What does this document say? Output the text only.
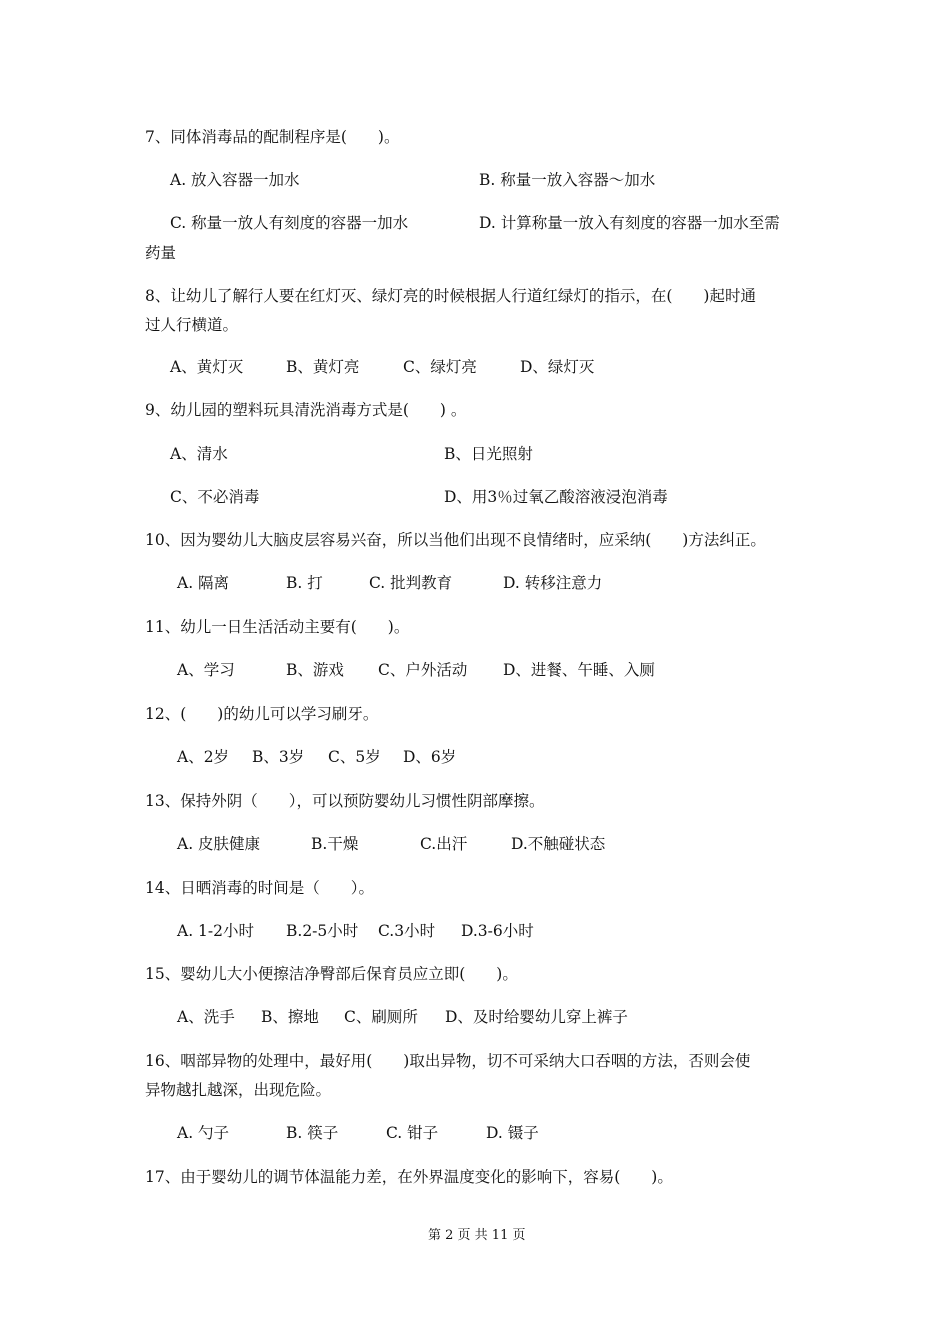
7、同体消毒品的配制程序是(　　)。
A. 放入容器一加水	B. 称量一放入容器～加水
C. 称量一放人有刻度的容器一加水	D. 计算称量一放入有刻度的容器一加水至需
药量
8、让幼儿了解行人要在红灯灭、绿灯亮的时候根据人行道红绿灯的指示，在(　　)起时通
过人行横道。
A、黄灯灭	B、黄灯亮	C、绿灯亮	D、绿灯灭
9、幼儿园的塑料玩具清洗消毒方式是(　　) 。
A、清水	B、日光照射
C、不必消毒	D、用3％过氧乙酸溶液浸泡消毒
10、因为婴幼儿大脑皮层容易兴奋，所以当他们出现不良情绪时，应采纳(　　)方法纠正。
A. 隔离	B. 打	C. 批判教育	D. 转移注意力
11、幼儿一日生活活动主要有(　　)。
A、学习	B、游戏 C、户外活动 D、进餐、午睡、入厕
12、(　　)的幼儿可以学习刷牙。
A、2岁 B、3岁 C、5岁 D、6岁
13、保持外阴（　　），可以预防婴幼儿习惯性阴部摩擦。
A. 皮肤健康	B.干燥	C.出汗	D.不触碰状态
14、日晒消毒的时间是（　　）。
A. 1-2小时 B.2-5小时 C.3小时 D.3-6小时
15、婴幼儿大小便擦洁净臀部后保育员应立即(　　)。
A、洗手 B、擦地 C、刷厕所 D、及时给婴幼儿穿上裤子
16、咽部异物的处理中，最好用(　　)取出异物，切不可采纳大口吞咽的方法，否则会使
异物越扎越深，出现危险。
A. 勺子	B. 筷子	C. 钳子	D. 镊子
17、由于婴幼儿的调节体温能力差，在外界温度变化的影响下，容易(　　)。
第 2 页 共 11 页
